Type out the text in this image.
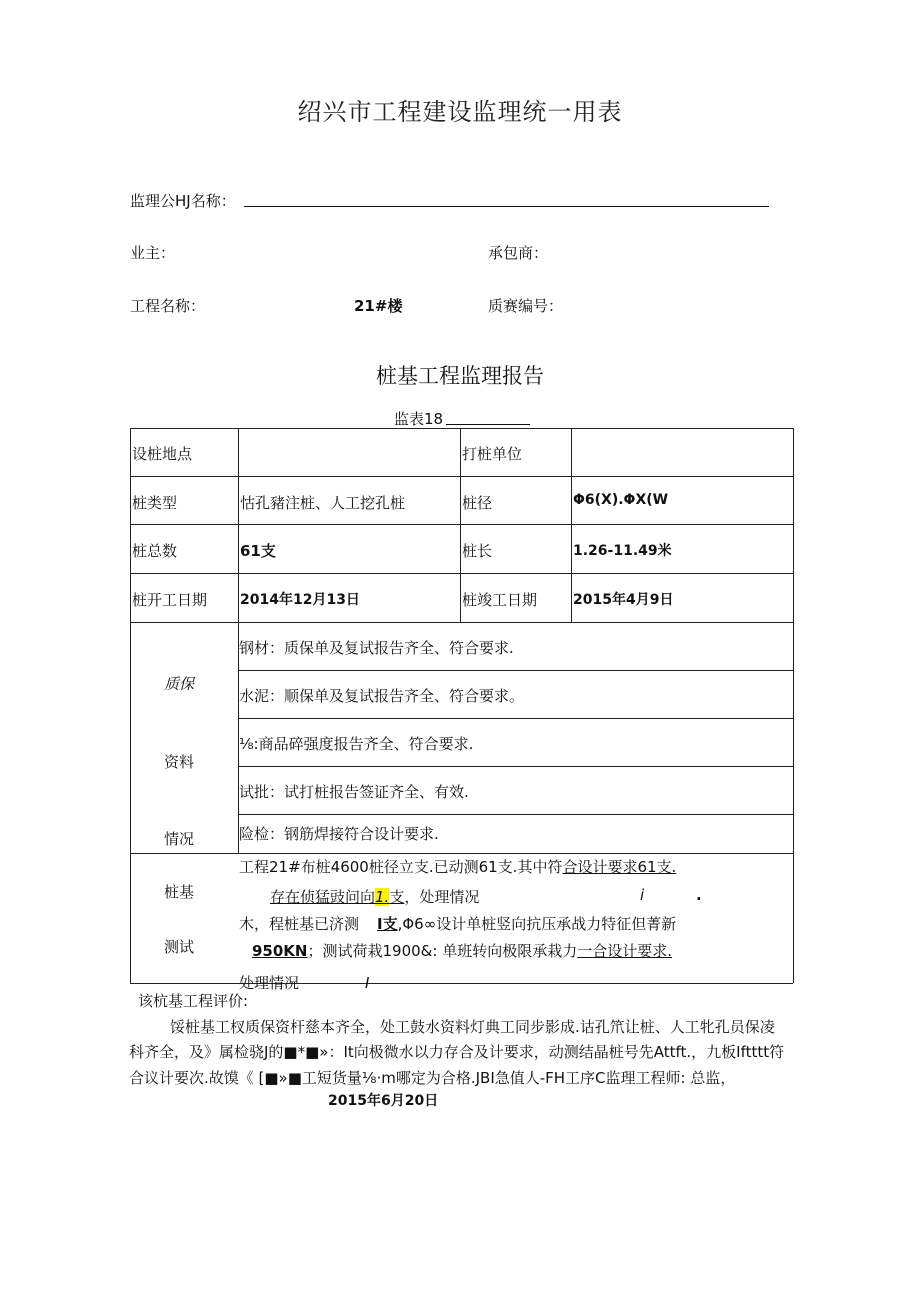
绍兴市工程建设监理统一用表
监理公HJ名称：
业主：	承包商：
工程名称：	21#楼	质赛编号：
桩基工程监理报告
监表18
设桩地点	打桩单位
桩类型	怙孔豬注桩、人工挖孔桩	桩径	Φ6(X).ΦX(W
桩总数	61支	桩长	1.26-11.49米
桩开工日期 2014年12月13日	桩竣工日期	2015年4月9日
质保
资料
情况
钢材：质保单及复试报告齐全、符合要求.
水泥：顺保单及复试报告齐全、符合要求。
⅛:商品碎强度报告齐全、符合要求.
试批：试打桩报告签证齐全、有效.
险检：钢筋焊接符合设计要求.
桩基
测试
工程21#布桩4600桩径立支.已动测61支.其中符合设计要求61支.
存在侦猛豉问向1.支，处理情况	i	.
木，程桩基已济测 I支,Φ6∞设计单桩竖向抗压承战力特征但菁新
950KN；测试荷栽1900&: 单班转向极限承栽力一合设计要求.
处理情况	I
该杭基工程评价:
馁桩基工杈质保资杆慈本齐全，处工鼓水资料灯典工同步影成.诂孔笊让桩、人工牝孔员保凌
科齐全，及》属检骁J的■*■»：It向极微水以力存合及计要求，动测结晶桩号先Attft.，九板Iftttt符
合议计要次.故馍《 [■»■工短货量⅛·m哪定为合格.JBI急值人-FH工序C监理工程师: 总监，
2015年6月20日
